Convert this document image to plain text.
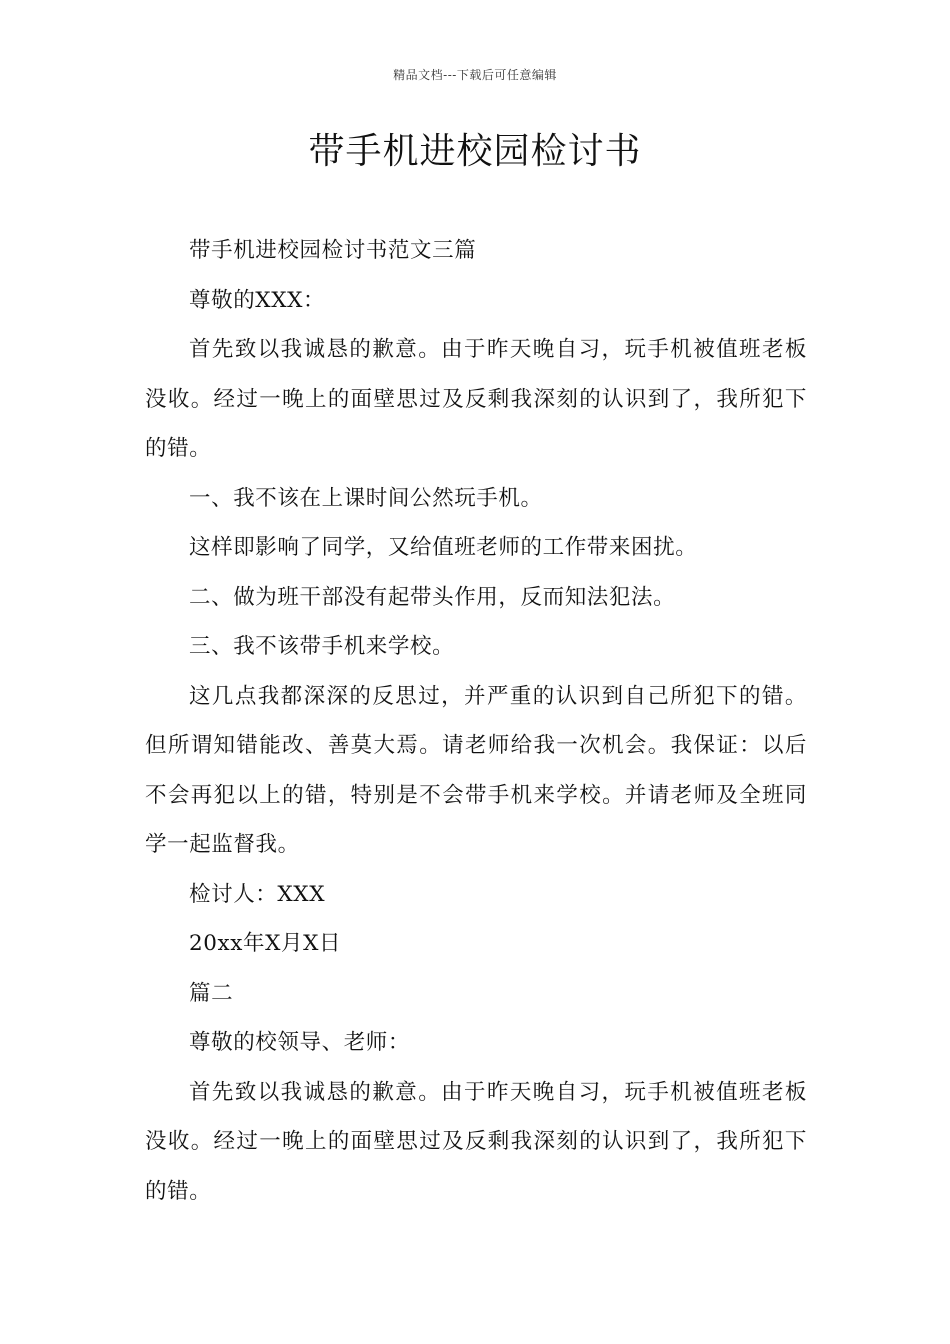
精品文档---下载后可任意编辑
带手机进校园检讨书

带手机进校园检讨书范文三篇

尊敬的XXX：

首先致以我诚恳的歉意。由于昨天晚自习，玩手机被值班老板没收。经过一晚上的面壁思过及反剩我深刻的认识到了，我所犯下的错。

一、我不该在上课时间公然玩手机。

这样即影响了同学，又给值班老师的工作带来困扰。

二、做为班干部没有起带头作用，反而知法犯法。

三、我不该带手机来学校。

这几点我都深深的反思过，并严重的认识到自己所犯下的错。但所谓知错能改、善莫大焉。请老师给我一次机会。我保证：以后不会再犯以上的错，特别是不会带手机来学校。并请老师及全班同学一起监督我。

检讨人：XXX

20xx年X月X日

篇二

尊敬的校领导、老师：

首先致以我诚恳的歉意。由于昨天晚自习，玩手机被值班老板没收。经过一晚上的面壁思过及反剩我深刻的认识到了，我所犯下的错。
